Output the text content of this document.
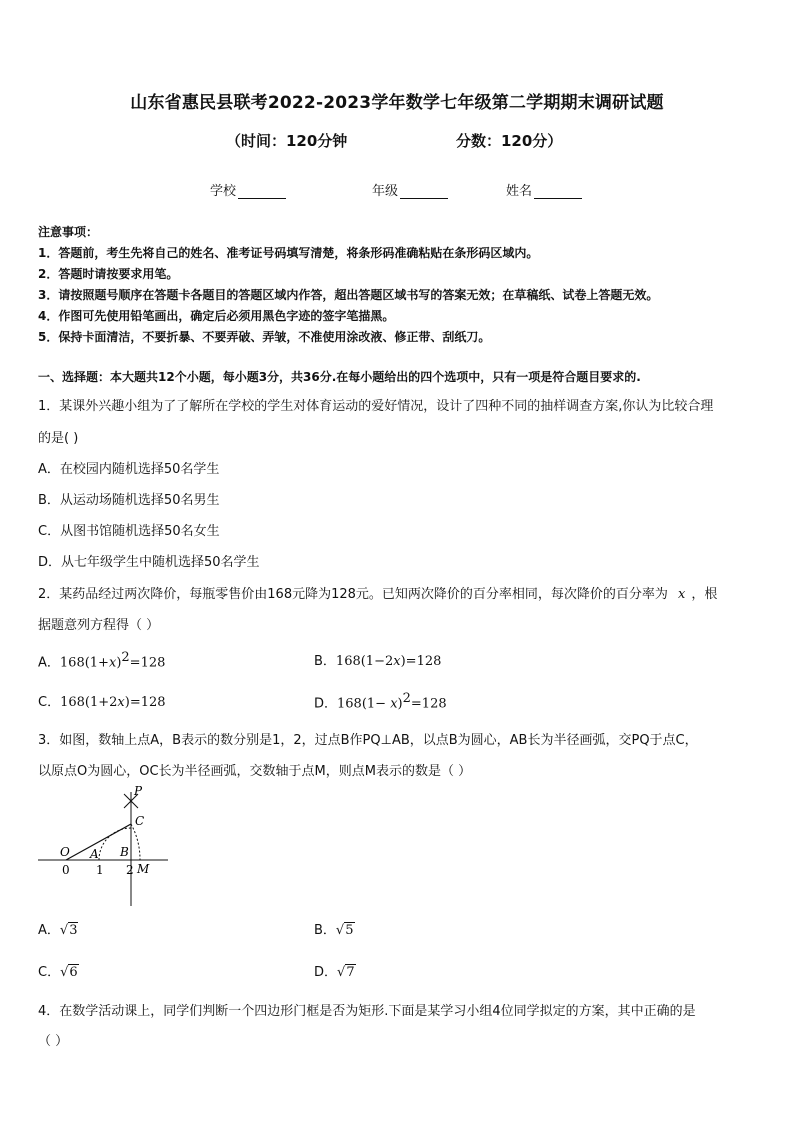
山东省惠民县联考2022-2023学年数学七年级第二学期期末调研试题
（时间：120分钟	分数：120分）
学校	年级	姓名
注意事项：
1．答题前，考生先将自己的姓名、准考证号码填写清楚，将条形码准确粘贴在条形码区域内。
2．答题时请按要求用笔。
3．请按照题号顺序在答题卡各题目的答题区域内作答，超出答题区域书写的答案无效；在草稿纸、试卷上答题无效。
4．作图可先使用铅笔画出，确定后必须用黑色字迹的签字笔描黑。
5．保持卡面清洁，不要折暴、不要弄破、弄皱，不准使用涂改液、修正带、刮纸刀。
一、选择题：本大题共12个小题，每小题3分，共36分.在每小题给出的四个选项中，只有一项是符合题目要求的.
1．某课外兴趣小组为了了解所在学校的学生对体育运动的爱好情况，设计了四种不同的抽样调查方案,你认为比较合理
的是( )
A．在校园内随机选择50名学生
B．从运动场随机选择50名男生
C．从图书馆随机选择50名女生
D．从七年级学生中随机选择50名学生
2．某药品经过两次降价，每瓶零售价由168元降为128元。已知两次降价的百分率相同，每次降价的百分率为 x ，根
据题意列方程得（ ）
A．$168(1+x)^2=128$	B．168(1−2x)=128
C．168(1+2x)=128	D．$168(1- x)^2=128$
3．如图，数轴上点A，B表示的数分别是1，2，过点B作PQ⊥AB，以点B为圆心，AB长为半径画弧，交PQ于点C，
以原点O为圆心，OC长为半径画弧，交数轴于点M，则点M表示的数是（ ）
P
C
O A B
M
0 1 2
A．√3	B．√5
C．√6	D．√7
4．在数学活动课上，同学们判断一个四边形门框是否为矩形.下面是某学习小组4位同学拟定的方案，其中正确的是
（ ）
